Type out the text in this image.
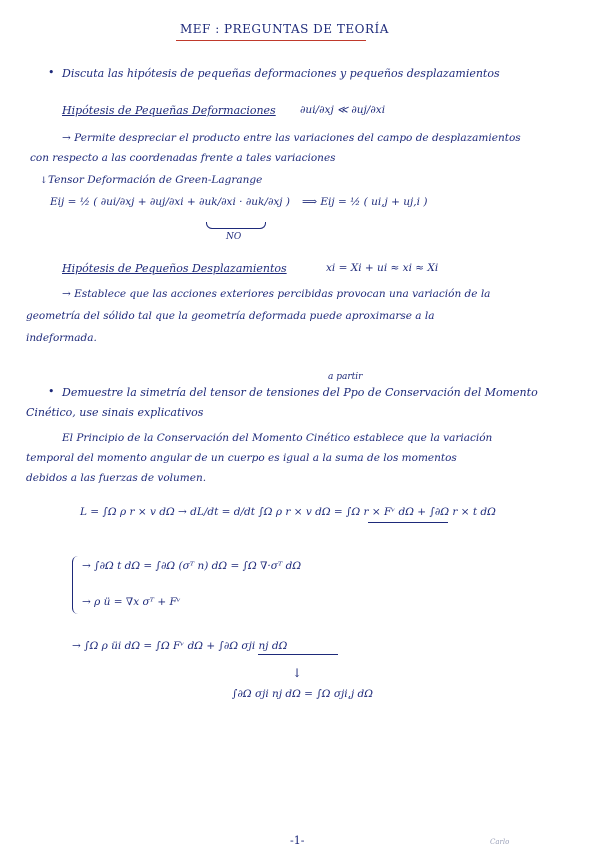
MEF : PREGUNTAS DE TEORÍA
• Discuta las hipótesis de pequeñas deformaciones y pequeños desplazamientos
Hipótesis de Pequeñas Deformaciones ∂ui/∂xj ≪ ∂uj/∂xi
→ Permite despreciar el producto entre las variaciones del campo de desplazamientos
con respecto a las coordenadas frente a tales variaciones
Tensor Deformación de Green-Lagrange
↓
Eij = ½ ( ∂ui/∂xj + ∂uj/∂xi + ∂uk/∂xi · ∂uk/∂xj ) ⟹ Eij = ½ ( ui,j + uj,i )
NO
Hipótesis de Pequeños Desplazamientos	xi = Xi + ui ≈ xi ≈ Xi
→ Establece que las acciones exteriores percibidas provocan una variación de la
geometría del sólido tal que la geometría deformada puede aproximarse a la
indeformada.
a partir
• Demuestre la simetría del tensor de tensiones del Ppo de Conservación del Momento
Cinético, use sinais explicativos
El Principio de la Conservación del Momento Cinético establece que la variación
temporal del momento angular de un cuerpo es igual a la suma de los momentos
debidos a las fuerzas de volumen.
L = ∫Ω ρ r × v dΩ → dL/dt = d/dt ∫Ω ρ r × v dΩ = ∫Ω r × Fᵛ dΩ + ∫∂Ω r × t dΩ
→ ∫∂Ω t dΩ = ∫∂Ω (σᵀ n) dΩ = ∫Ω ∇·σᵀ dΩ
→ ρ ü = ∇x σᵀ + Fᵛ
→ ∫Ω ρ üi dΩ = ∫Ω Fᵛ dΩ + ∫∂Ω σji nj dΩ
↓
∫∂Ω σji nj dΩ = ∫Ω σji,j dΩ
-1-	Carlo
